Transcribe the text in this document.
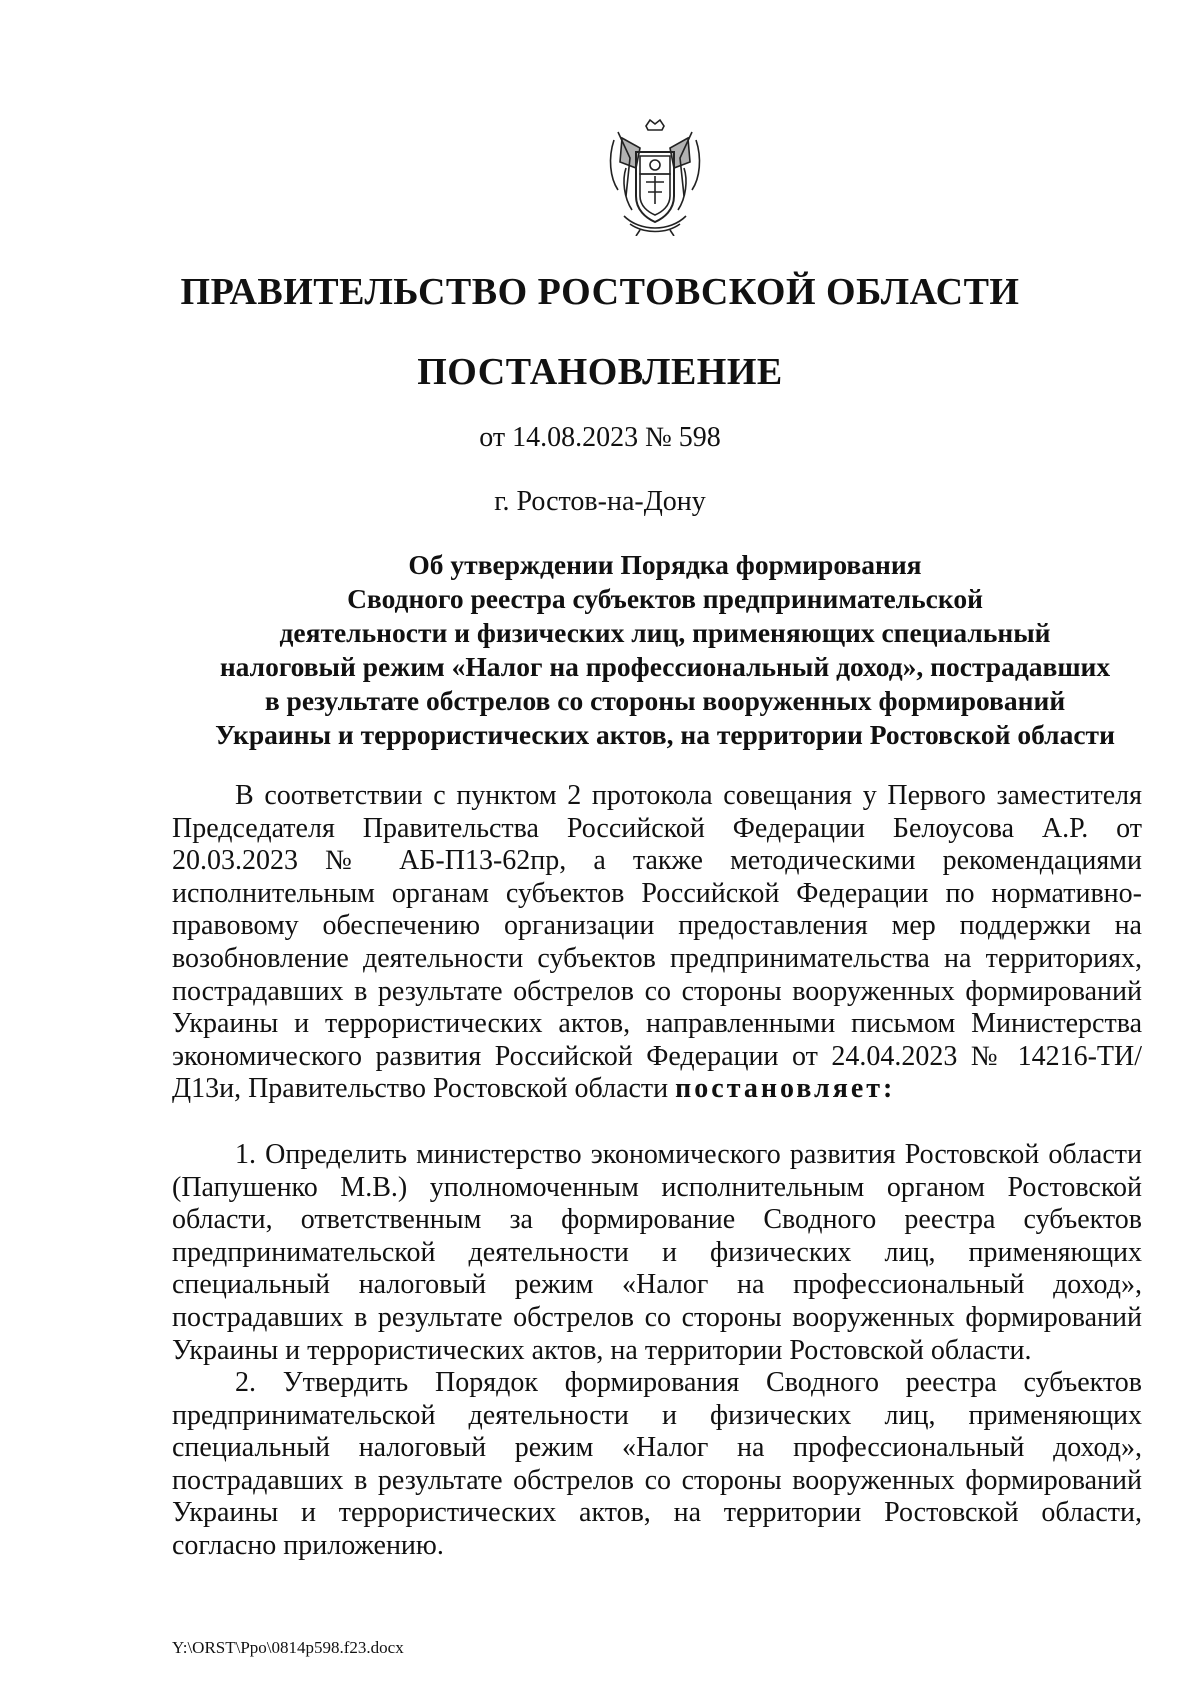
ПРАВИТЕЛЬСТВО РОСТОВСКОЙ ОБЛАСТИ
ПОСТАНОВЛЕНИЕ

от 14.08.2023 № 598

г. Ростов-на-Дону

Об утверждении Порядка формирования
Сводного реестра субъектов предпринимательской
деятельности и физических лиц, применяющих специальный
налоговый режим «Налог на профессиональный доход», пострадавших
в результате обстрелов со стороны вооруженных формирований
Украины и террористических актов, на территории Ростовской области

В соответствии с пунктом 2 протокола совещания у Первого заместителя Председателя Правительства Российской Федерации Белоусова А.Р. от 20.03.2023 № АБ-П13-62пр, а также методическими рекомендациями исполнительным органам субъектов Российской Федерации по нормативно-правовому обеспечению организации предоставления мер поддержки на возобновление деятельности субъектов предпринимательства на территориях, пострадавших в результате обстрелов со стороны вооруженных формирований Украины и террористических актов, направленными письмом Министерства экономического развития Российской Федерации от 24.04.2023 № 14216-ТИ/Д13и, Правительство Ростовской области постановляет:

1. Определить министерство экономического развития Ростовской области (Папушенко М.В.) уполномоченным исполнительным органом Ростовской области, ответственным за формирование Сводного реестра субъектов предпринимательской деятельности и физических лиц, применяющих специальный налоговый режим «Налог на профессиональный доход», пострадавших в результате обстрелов со стороны вооруженных формирований Украины и террористических актов, на территории Ростовской области.

2. Утвердить Порядок формирования Сводного реестра субъектов предпринимательской деятельности и физических лиц, применяющих специальный налоговый режим «Налог на профессиональный доход», пострадавших в результате обстрелов со стороны вооруженных формирований Украины и террористических актов, на территории Ростовской области, согласно приложению.

Y:\ORST\Ppo\0814p598.f23.docx
